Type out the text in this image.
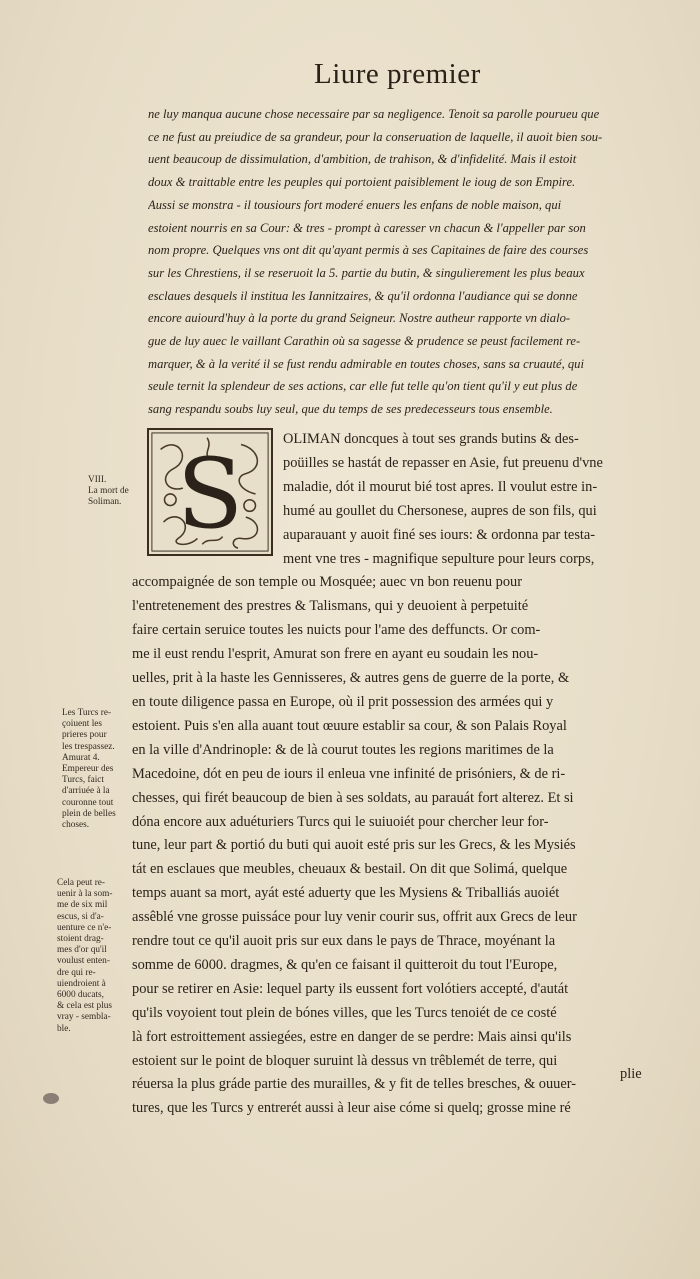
Liure premier
ne luy manqua aucune chose necessaire par sa negligence. Tenoit sa parolle pourueu que
ce ne fust au preiudice de sa grandeur, pour la conseruation de laquelle, il auoit bien sou-
uent beaucoup de dissimulation, d'ambition, de trahison, & d'infidelité. Mais il estoit
doux & traittable entre les peuples qui portoient paisiblement le ioug de son Empire.
Aussi se monstra - il tousiours fort moderé enuers les enfans de noble maison, qui
estoient nourris en sa Cour: & tres - prompt à caresser vn chacun & l'appeller par son
nom propre. Quelques vns ont dit qu'ayant permis à ses Capitaines de faire des courses
sur les Chrestiens, il se reseruoit la 5. partie du butin, & singulierement les plus beaux
esclaues desquels il institua les Iannitzaires, & qu'il ordonna l'audiance qui se donne
encore auiourd'huy à la porte du grand Seigneur. Nostre autheur rapporte vn dialo-
gue de luy auec le vaillant Carathin où sa sagesse & prudence se peust facilement re-
marquer, & à la verité il se fust rendu admirable en toutes choses, sans sa cruauté, qui
seule ternit la splendeur de ses actions, car elle fut telle qu'on tient qu'il y eut plus de
sang respandu soubs luy seul, que du temps de ses predecesseurs tous ensemble.
S	OLIMAN doncques à tout ses grands butins & des-
poüilles se hastát de repasser en Asie, fut preuenu d'vne
maladie, dót il mourut bié tost apres. Il voulut estre in-
humé au goullet du Chersonese, aupres de son fils, qui
auparauant y auoit finé ses iours: & ordonna par testa-
ment vne tres - magnifique sepulture pour leurs corps,
accompaignée de son temple ou Mosquée; auec vn bon reuenu pour
l'entretenement des prestres & Talismans, qui y deuoient à perpetuité
faire certain seruice toutes les nuicts pour l'ame des deffuncts. Or com-
me il eust rendu l'esprit, Amurat son frere en ayant eu soudain les nou-
uelles, prit à la haste les Gennisseres, & autres gens de guerre de la porte, &
en toute diligence passa en Europe, où il prit possession des armées qui y
estoient. Puis s'en alla auant tout œuure establir sa cour, & son Palais Royal
en la ville d'Andrinople: & de là courut toutes les regions maritimes de la
Macedoine, dót en peu de iours il enleua vne infinité de prisóniers, & de ri-
chesses, qui firét beaucoup de bien à ses soldats, au parauát fort alterez. Et si
dóna encore aux aduéturiers Turcs qui le suiuoiét pour chercher leur for-
tune, leur part & portió du buti qui auoit esté pris sur les Grecs, & les Mysiés
tát en esclaues que meubles, cheuaux & bestail. On dit que Solimá, quelque
temps auant sa mort, ayát esté aduerty que les Mysiens & Triballiás auoiét
assêblé vne grosse puissáce pour luy venir courir sus, offrit aux Grecs de leur
rendre tout ce qu'il auoit pris sur eux dans le pays de Thrace, moyénant la
somme de 6000. dragmes, & qu'en ce faisant il quitteroit du tout l'Europe,
pour se retirer en Asie: lequel party ils eussent fort volótiers accepté, d'autát
qu'ils voyoient tout plein de bónes villes, que les Turcs tenoiét de ce costé
là fort estroittement assiegées, estre en danger de se perdre: Mais ainsi qu'ils
estoient sur le point de bloquer suruint là dessus vn trêblemét de terre, qui
réuersa la plus gráde partie des murailles, & y fit de telles bresches, & ouuer-
tures, que les Turcs y entrerét aussi à leur aise cóme si quelq; grosse mine ré
plie
VIII.
La mort de
Soliman.
Les Turcs re-
çoiuent les
prieres pour
les trespassez.
Amurat 4.
Empereur des
Turcs, faict
d'arriuée à la
couronne tout
plein de belles
choses.
Cela peut re-
uenir à la som-
me de six mil
escus, si d'a-
uenture ce n'e-
stoient drag-
mes d'or qu'il
voulust enten-
dre qui re-
uiendroient à
6000 ducats,
& cela est plus
vray - sembla-
ble.
